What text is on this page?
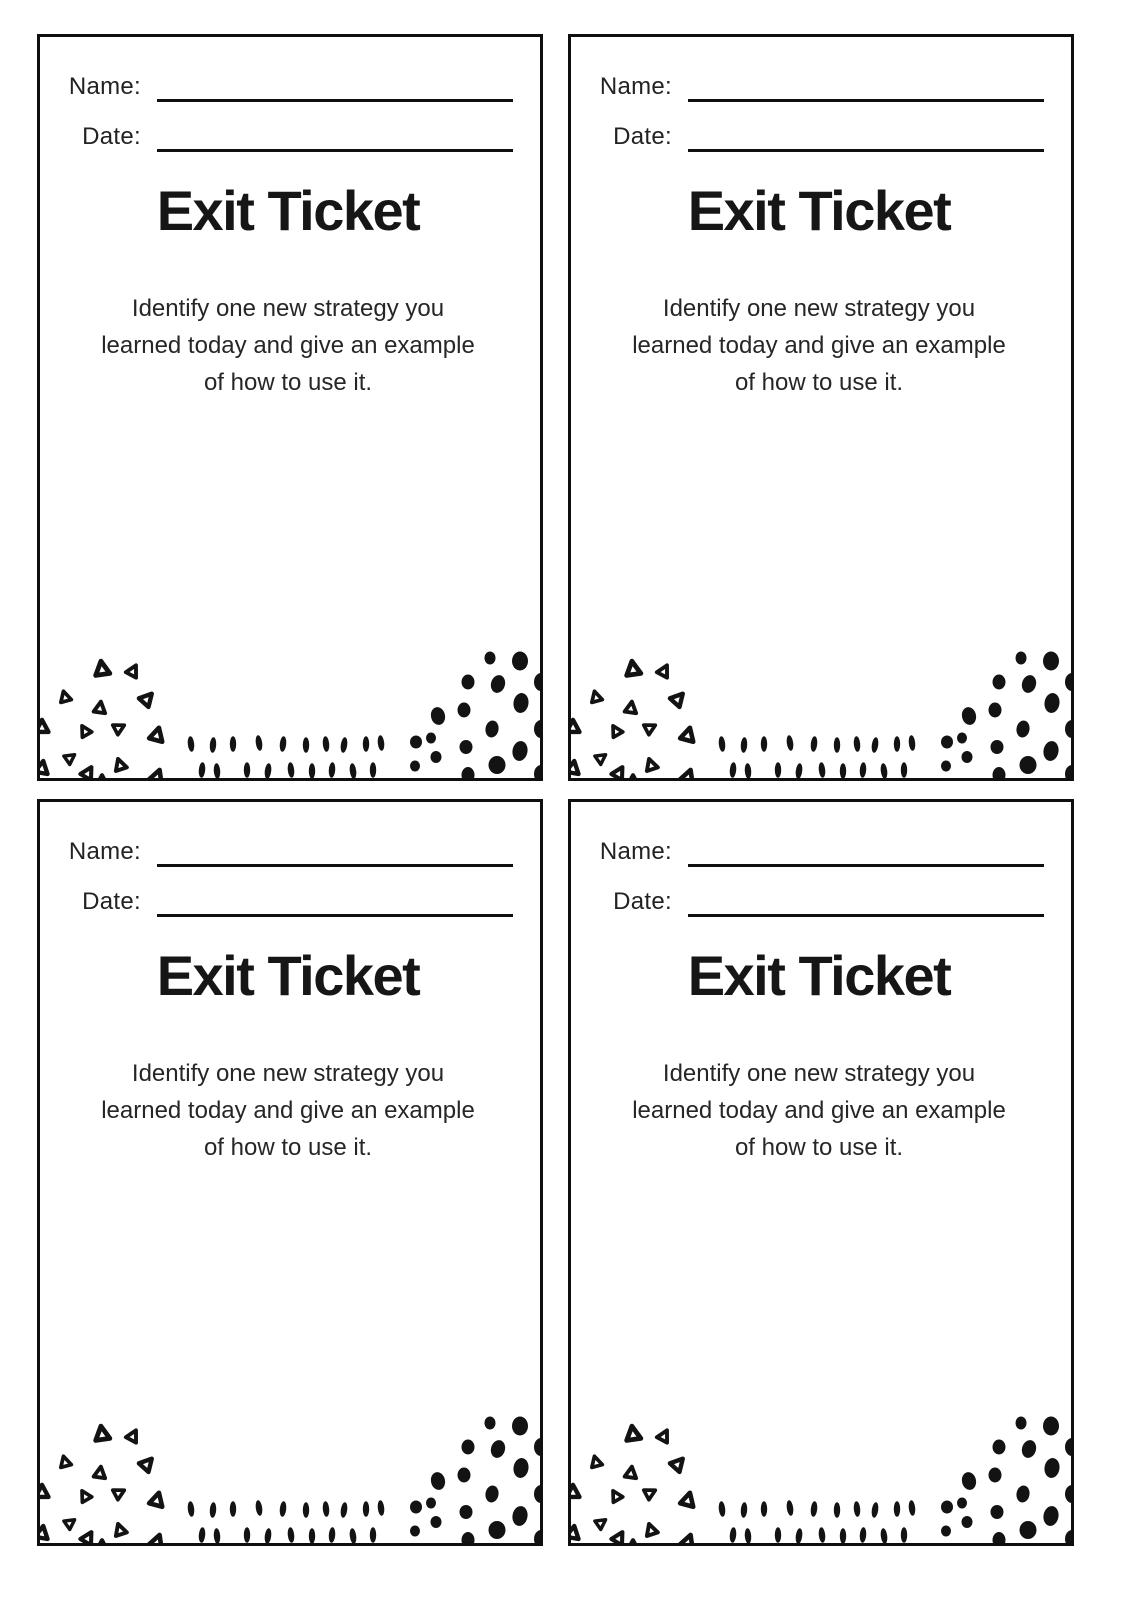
Name:
Date:
Exit Ticket
Identify one new strategy you
learned today and give an example
of how to use it.
Name:
Date:
Exit Ticket
Identify one new strategy you
learned today and give an example
of how to use it.
Name:
Date:
Exit Ticket
Identify one new strategy you
learned today and give an example
of how to use it.
Name:
Date:
Exit Ticket
Identify one new strategy you
learned today and give an example
of how to use it.
